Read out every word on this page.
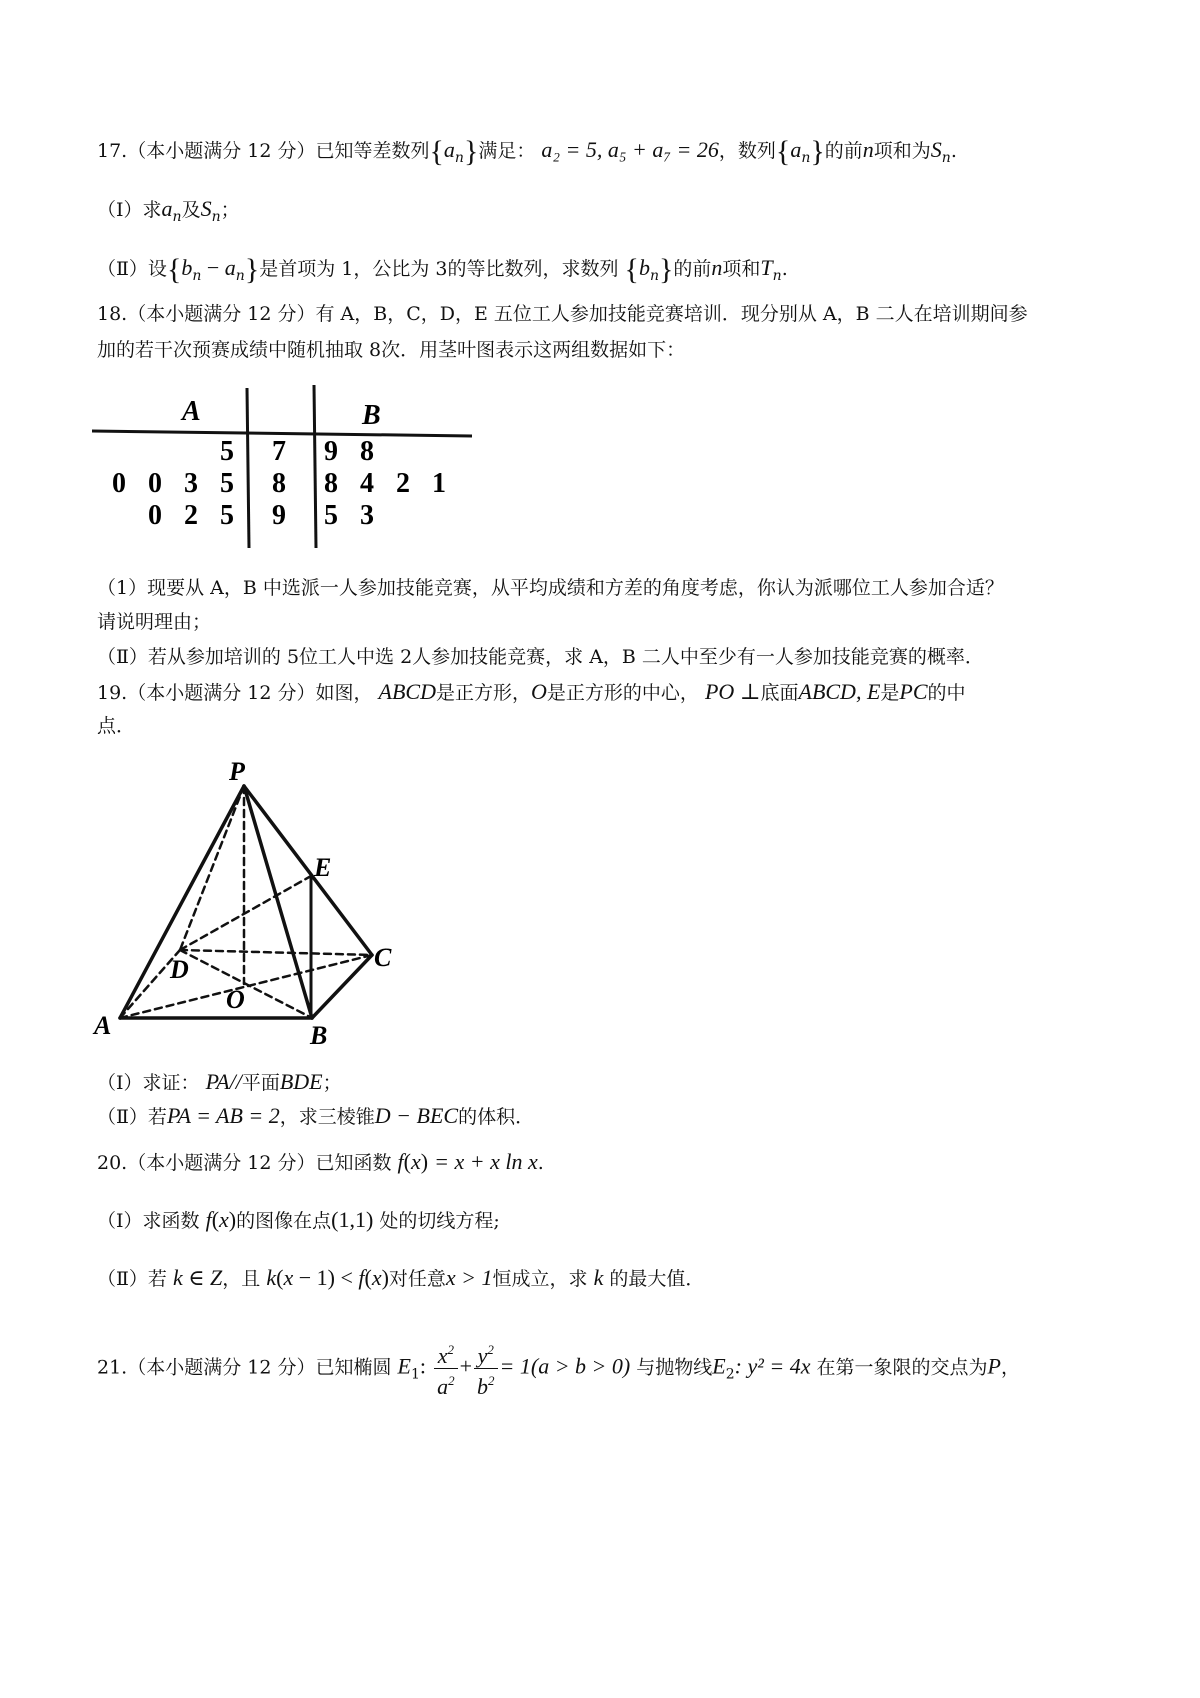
17.（本小题满分 12 分）已知等差数列$\{a_n\}$满足： a₂ = 5, a₅ + a₇ = 26，数列$\{a_n\}$的前n项和为$S_n$.
（Ⅰ）求$a_n$及$S_n$；
（Ⅱ）设$\{b_n - a_n\}$是首项为 1，公比为 3的等比数列，求数列 $\{b_n\}$的前n项和$T_n$.
18.（本小题满分 12 分）有 A，B，C，D，E 五位工人参加技能竞赛培训．现分别从 A，B 二人在培训期间参
加的若干次预赛成绩中随机抽取 8次．用茎叶图表示这两组数据如下：
A	B
5 7 9 8
0 0 3 5 8 8 4 2 1
0 2 5 9 5 3
（1）现要从 A，B 中选派一人参加技能竞赛，从平均成绩和方差的角度考虑，你认为派哪位工人参加合适？
请说明理由；
（Ⅱ）若从参加培训的 5位工人中选 2人参加技能竞赛，求 A，B 二人中至少有一人参加技能竞赛的概率．
19.（本小题满分 12 分）如图， ABCD是正方形，O是正方形的中心， PO ⊥底面ABCD, E是PC的中
点．
P
E
C
D
O
A	B
（Ⅰ）求证： PA//平面BDE；
（Ⅱ）若PA = AB = 2，求三棱锥D − BEC的体积．
20.（本小题满分 12 分）已知函数 f(x) = x + x ln x.
（Ⅰ）求函数 f(x)的图像在点(1,1) 处的切线方程;
（Ⅱ）若 k ∈ Z，且 k(x − 1) < f(x)对任意x > 1恒成立，求 k 的最大值．
21.（本小题满分 12 分）已知椭圆 $E_1$: $\frac{x^2}{a^2} + \frac{y^2}{b^2} = 1(a > b > 0)$ 与抛物线$E_2$: y² = 4x 在第一象限的交点为P，
